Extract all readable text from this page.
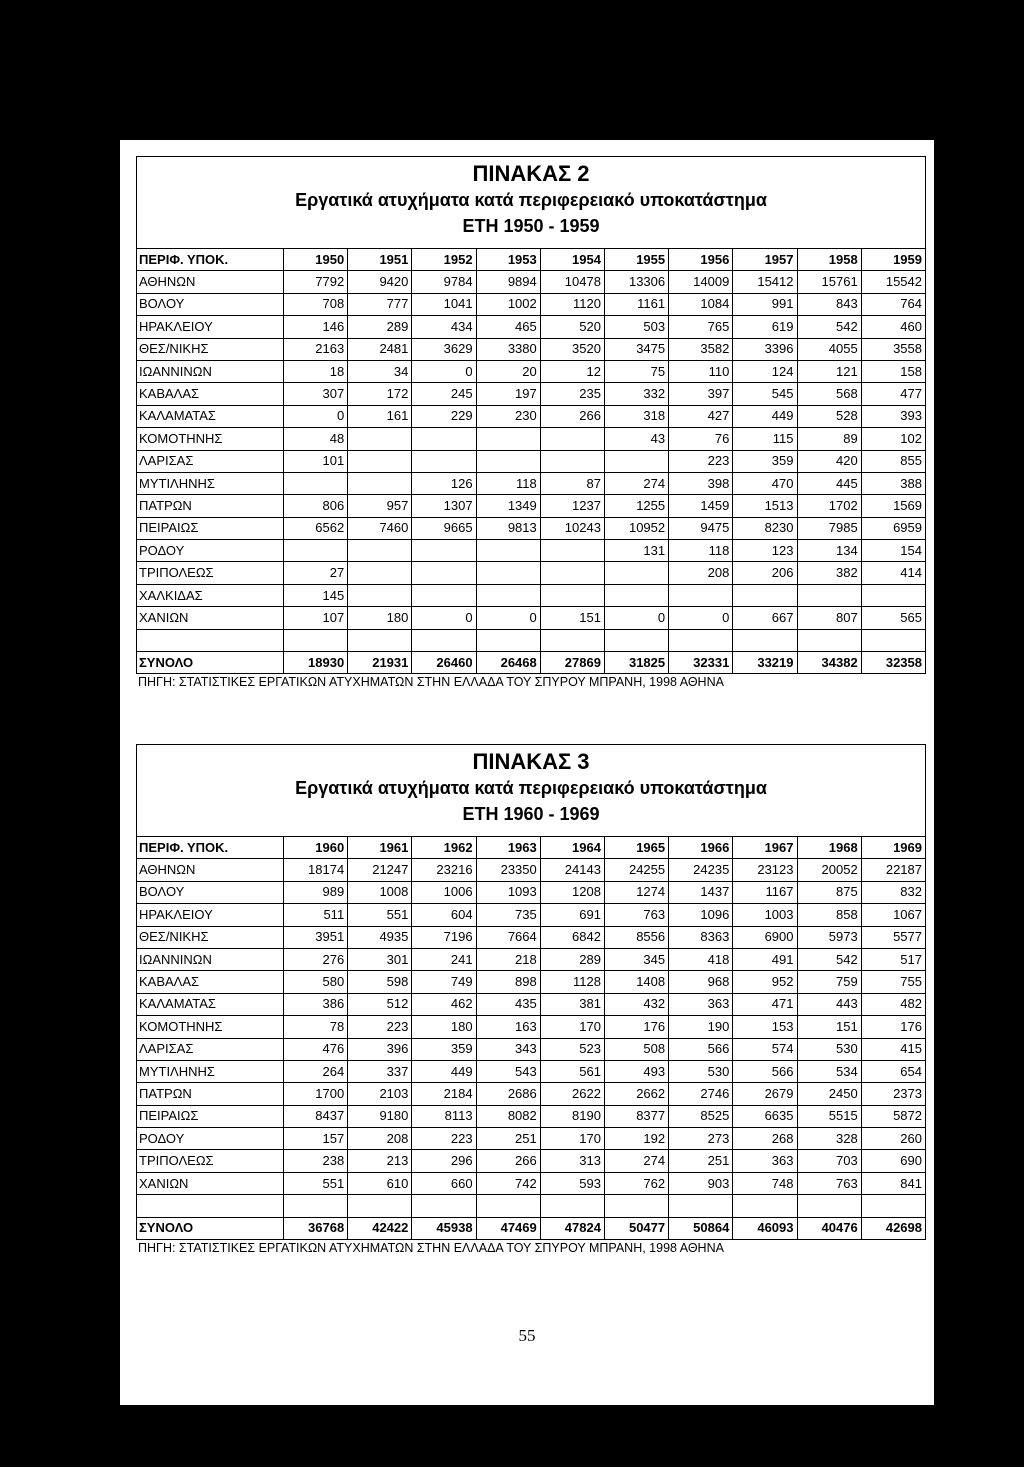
ΠΙΝΑΚΑΣ 2
Εργατικά ατυχήματα κατά περιφερειακό υποκατάστημα
ΕΤΗ 1950 - 1959
ΠΕΡΙΦ. ΥΠΟΚ.	1950	1951	1952	1953	1954	1955	1956	1957	1958	1959
ΑΘΗΝΩΝ	7792	9420	9784	9894	10478	13306	14009	15412	15761	15542
ΒΟΛΟΥ	708	777	1041	1002	1120	1161	1084	991	843	764
ΗΡΑΚΛΕΙΟΥ	146	289	434	465	520	503	765	619	542	460
ΘΕΣ/ΝΙΚΗΣ	2163	2481	3629	3380	3520	3475	3582	3396	4055	3558
ΙΩΑΝΝΙΝΩΝ	18	34	0	20	12	75	110	124	121	158
ΚΑΒΑΛΑΣ	307	172	245	197	235	332	397	545	568	477
ΚΑΛΑΜΑΤΑΣ	0	161	229	230	266	318	427	449	528	393
ΚΟΜΟΤΗΝΗΣ	48					43	76	115	89	102
ΛΑΡΙΣΑΣ	101						223	359	420	855
ΜΥΤΙΛΗΝΗΣ			126	118	87	274	398	470	445	388
ΠΑΤΡΩΝ	806	957	1307	1349	1237	1255	1459	1513	1702	1569
ΠΕΙΡΑΙΩΣ	6562	7460	9665	9813	10243	10952	9475	8230	7985	6959
ΡΟΔΟΥ						131	118	123	134	154
ΤΡΙΠΟΛΕΩΣ	27						208	206	382	414
ΧΑΛΚΙΔΑΣ	145									
ΧΑΝΙΩΝ	107	180	0	0	151	0	0	667	807	565

ΣΥΝΟΛΟ	18930	21931	26460	26468	27869	31825	32331	33219	34382	32358
ΠΗΓΗ: ΣΤΑΤΙΣΤΙΚΕΣ ΕΡΓΑΤΙΚΩΝ ΑΤΥΧΗΜΑΤΩΝ ΣΤΗΝ ΕΛΛΑΔΑ ΤΟΥ ΣΠΥΡΟΥ ΜΠΡΑΝΗ, 1998 ΑΘΗΝΑ
ΠΙΝΑΚΑΣ 3
Εργατικά ατυχήματα κατά περιφερειακό υποκατάστημα
ΕΤΗ 1960 - 1969
ΠΕΡΙΦ. ΥΠΟΚ.	1960	1961	1962	1963	1964	1965	1966	1967	1968	1969
ΑΘΗΝΩΝ	18174	21247	23216	23350	24143	24255	24235	23123	20052	22187
ΒΟΛΟΥ	989	1008	1006	1093	1208	1274	1437	1167	875	832
ΗΡΑΚΛΕΙΟΥ	511	551	604	735	691	763	1096	1003	858	1067
ΘΕΣ/ΝΙΚΗΣ	3951	4935	7196	7664	6842	8556	8363	6900	5973	5577
ΙΩΑΝΝΙΝΩΝ	276	301	241	218	289	345	418	491	542	517
ΚΑΒΑΛΑΣ	580	598	749	898	1128	1408	968	952	759	755
ΚΑΛΑΜΑΤΑΣ	386	512	462	435	381	432	363	471	443	482
ΚΟΜΟΤΗΝΗΣ	78	223	180	163	170	176	190	153	151	176
ΛΑΡΙΣΑΣ	476	396	359	343	523	508	566	574	530	415
ΜΥΤΙΛΗΝΗΣ	264	337	449	543	561	493	530	566	534	654
ΠΑΤΡΩΝ	1700	2103	2184	2686	2622	2662	2746	2679	2450	2373
ΠΕΙΡΑΙΩΣ	8437	9180	8113	8082	8190	8377	8525	6635	5515	5872
ΡΟΔΟΥ	157	208	223	251	170	192	273	268	328	260
ΤΡΙΠΟΛΕΩΣ	238	213	296	266	313	274	251	363	703	690
ΧΑΝΙΩΝ	551	610	660	742	593	762	903	748	763	841

ΣΥΝΟΛΟ	36768	42422	45938	47469	47824	50477	50864	46093	40476	42698
ΠΗΓΗ: ΣΤΑΤΙΣΤΙΚΕΣ ΕΡΓΑΤΙΚΩΝ ΑΤΥΧΗΜΑΤΩΝ ΣΤΗΝ ΕΛΛΑΔΑ ΤΟΥ ΣΠΥΡΟΥ ΜΠΡΑΝΗ, 1998 ΑΘΗΝΑ
55
